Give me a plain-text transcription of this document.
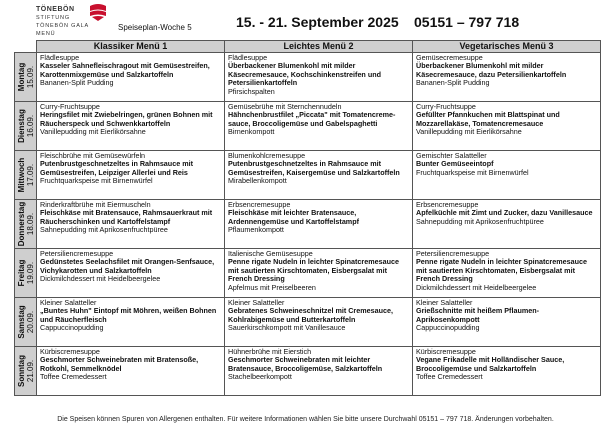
TÖNEBÖN
STIFTUNG
TÖNEBÖN GALA MENÜ
Speiseplan-Woche 5	15. - 21. September 2025 05151 – 797 718
	Klassiker Menü 1	Leichtes Menü 2	Vegetarisches Menü 3

Montag 15.09.	Flädlesuppe
Kasseler Sahnefleischragout mit Gemüsestreifen, Karottenmixgemüse und Salzkartoffeln
Bananen-Split Pudding	Flädlesuppe
Überbackener Blumenkohl mit milder Käsecremesauce, Kochschinkenstreifen und Petersilienkartoffeln
Pfirsichspalten	Gemüsecremesuppe
Überbackener Blumenkohl mit milder Käsecremesauce, dazu Petersilienkartoffeln
Bananen-Split Pudding

Dienstag 16.09.	Curry-Fruchtsuppe
Heringsfilet mit Zwiebelringen, grünen Bohnen mit Räucherspeck und Schwenkkartoffeln
Vanillepudding mit Eierlikörsahne	Gemüsebrühe mit Sternchennudeln
Hähnchenbrustfilet „Piccata" mit Tomatencreme-sauce, Broccoligemüse und Gabelspaghetti
Birnenkompott	Curry-Fruchtsuppe
Gefüllter Pfannkuchen mit Blattspinat und Mozzarellakäse, Tomatencremesauce
Vanillepudding mit Eierlikörsahne

Mittwoch 17.09.	Fleischbrühe mit Gemüsewürfeln
Putenbrustgeschnetzeltes in Rahmsauce mit Gemüsestreifen, Leipziger Allerlei und Reis
Fruchtquarkspeise mit Birnenwürfel	Blumenkohlcremesuppe
Putenbrustgeschnetzeltes in Rahmsauce mit Gemüsestreifen, Kaisergemüse und Salzkartoffeln
Mirabellenkompott	Gemischter Salatteller
Bunter Gemüseeintopf
Fruchtquarkspeise mit Birnenwürfel

Donnerstag 18.09.	Rinderkraftbrühe mit Eiermuscheln
Fleischkäse mit Bratensauce, Rahmsauerkraut mit Räucherschinken und Kartoffelstampf
Sahnepudding mit Aprikosenfruchtpüree	Erbsencremesuppe
Fleischkäse mit leichter Bratensauce, Ardennengemüse und Kartoffelstampf
Pflaumenkompott	Erbsencremesuppe
Apfelküchle mit Zimt und Zucker, dazu Vanillesauce
Sahnepudding mit Aprikosenfruchtpüree

Freitag 19.09.	Petersiliencremesuppe
Gedünstetes Seelachsfilet mit Orangen-Senfsauce, Vichykarotten und Salzkartoffeln
Dickmilchdessert mit Heidelbeergelee	Italienische Gemüsesuppe
Penne rigate Nudeln in leichter Spinatcremesauce mit sautierten Kirschtomaten, Eisbergsalat mit French Dressing
Apfelmus mit Preiselbeeren	Petersiliencremesuppe
Penne rigate Nudeln in leichter Spinatcremesauce mit sautierten Kirschtomaten, Eisbergsalat mit French Dressing
Dickmilchdessert mit Heidelbeergelee

Samstag 20.09.	Kleiner Salatteller
„Buntes Huhn" Eintopf mit Möhren, weißen Bohnen und Räucherfleisch
Cappuccinopudding	Kleiner Salatteller
Gebratenes Schweineschnitzel mit Cremesauce, Kohlrabigemüse und Butterkartoffeln
Sauerkirschkompott mit Vanillesauce	Kleiner Salatteller
Grießschnitte mit heißem Pflaumen-Aprikosenkompott
Cappuccinopudding

Sonntag 21.09.	Kürbiscremesuppe
Geschmorter Schweinebraten mit Bratensoße, Rotkohl, Semmelknödel
Toffee Cremedessert	Hühnerbrühe mit Eierstich
Geschmorter Schweinebraten mit leichter Bratensauce, Broccoligemüse, Salzkartoffeln
Stachelbeerkompott	Kürbiscremesuppe
Vegane Frikadelle mit Holländischer Sauce, Broccoligemüse und Salzkartoffeln
Toffee Cremedessert
Die Speisen können Spuren von Allergenen enthalten. Für weitere Informationen wählen Sie bitte unsere Durchwahl 05151 – 797 718. Änderungen vorbehalten.
